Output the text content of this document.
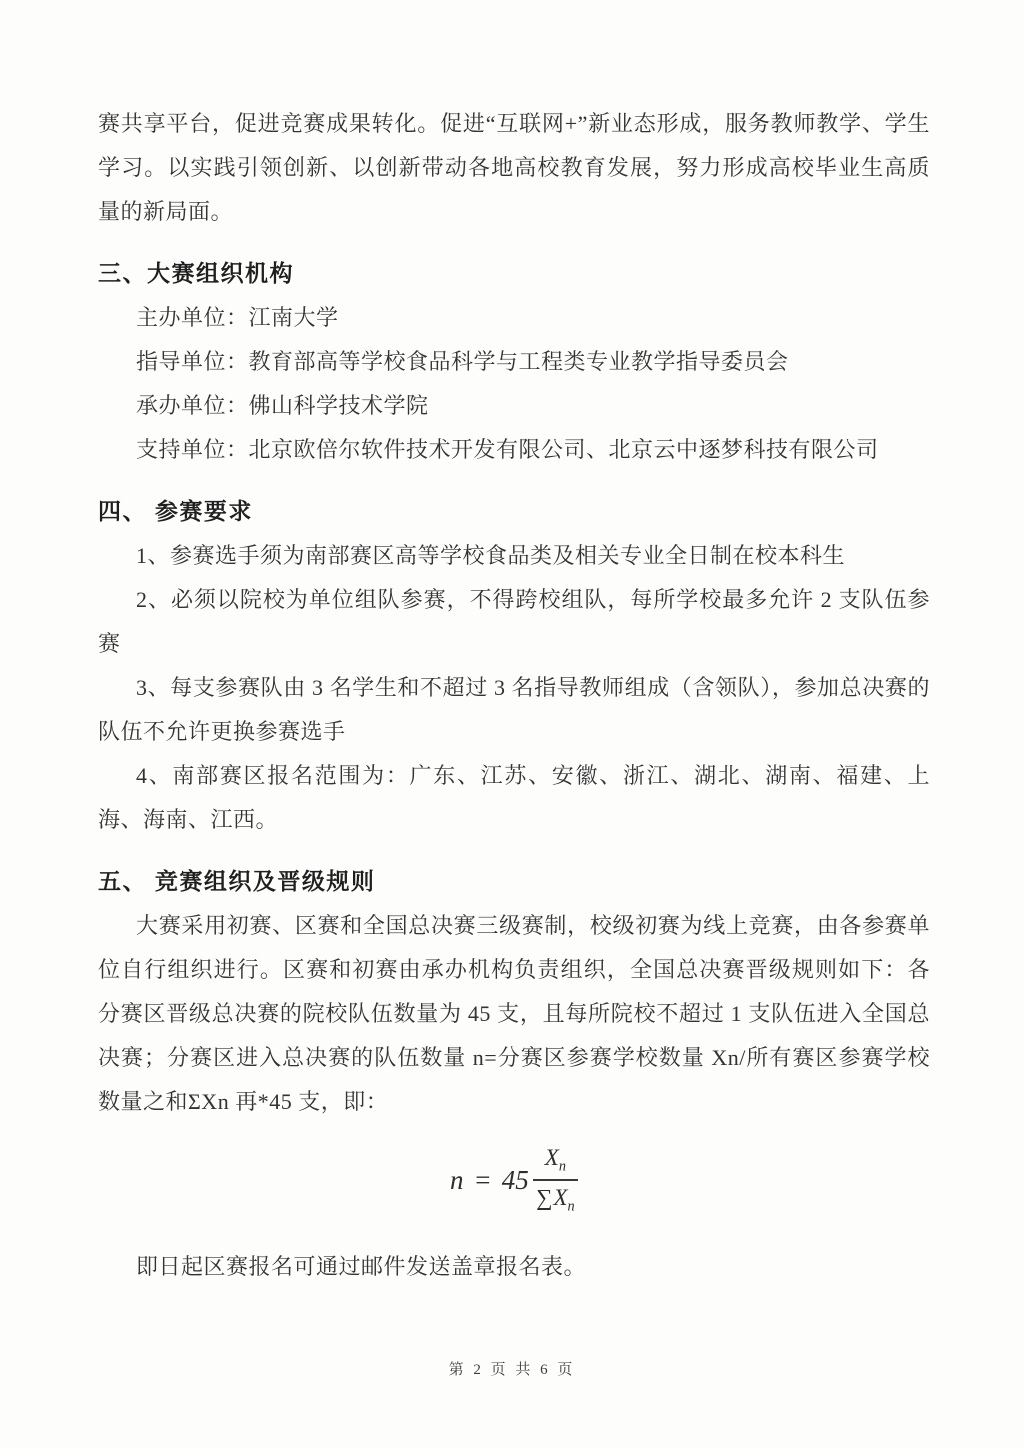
赛共享平台，促进竞赛成果转化。促进“互联网+”新业态形成，服务教师教学、学生学习。以实践引领创新、以创新带动各地高校教育发展，努力形成高校毕业生高质量的新局面。

三、大赛组织机构

主办单位：江南大学

指导单位：教育部高等学校食品科学与工程类专业教学指导委员会

承办单位：佛山科学技术学院

支持单位：北京欧倍尔软件技术开发有限公司、北京云中逐梦科技有限公司

四、 参赛要求

1、参赛选手须为南部赛区高等学校食品类及相关专业全日制在校本科生

2、必须以院校为单位组队参赛，不得跨校组队，每所学校最多允许 2 支队伍参赛

3、每支参赛队由 3 名学生和不超过 3 名指导教师组成（含领队），参加总决赛的队伍不允许更换参赛选手

4、南部赛区报名范围为：广东、江苏、安徽、浙江、湖北、湖南、福建、上海、海南、江西。

五、 竞赛组织及晋级规则

大赛采用初赛、区赛和全国总决赛三级赛制，校级初赛为线上竞赛，由各参赛单位自行组织进行。区赛和初赛由承办机构负责组织，全国总决赛晋级规则如下：各分赛区晋级总决赛的院校队伍数量为 45 支，且每所院校不超过 1 支队伍进入全国总决赛；分赛区进入总决赛的队伍数量 n=分赛区参赛学校数量 Xn/所有赛区参赛学校数量之和ΣXn 再*45 支，即：

$n = 45 \frac{X_n}{\sum X_n}$

即日起区赛报名可通过邮件发送盖章报名表。

第 2 页 共 6 页
